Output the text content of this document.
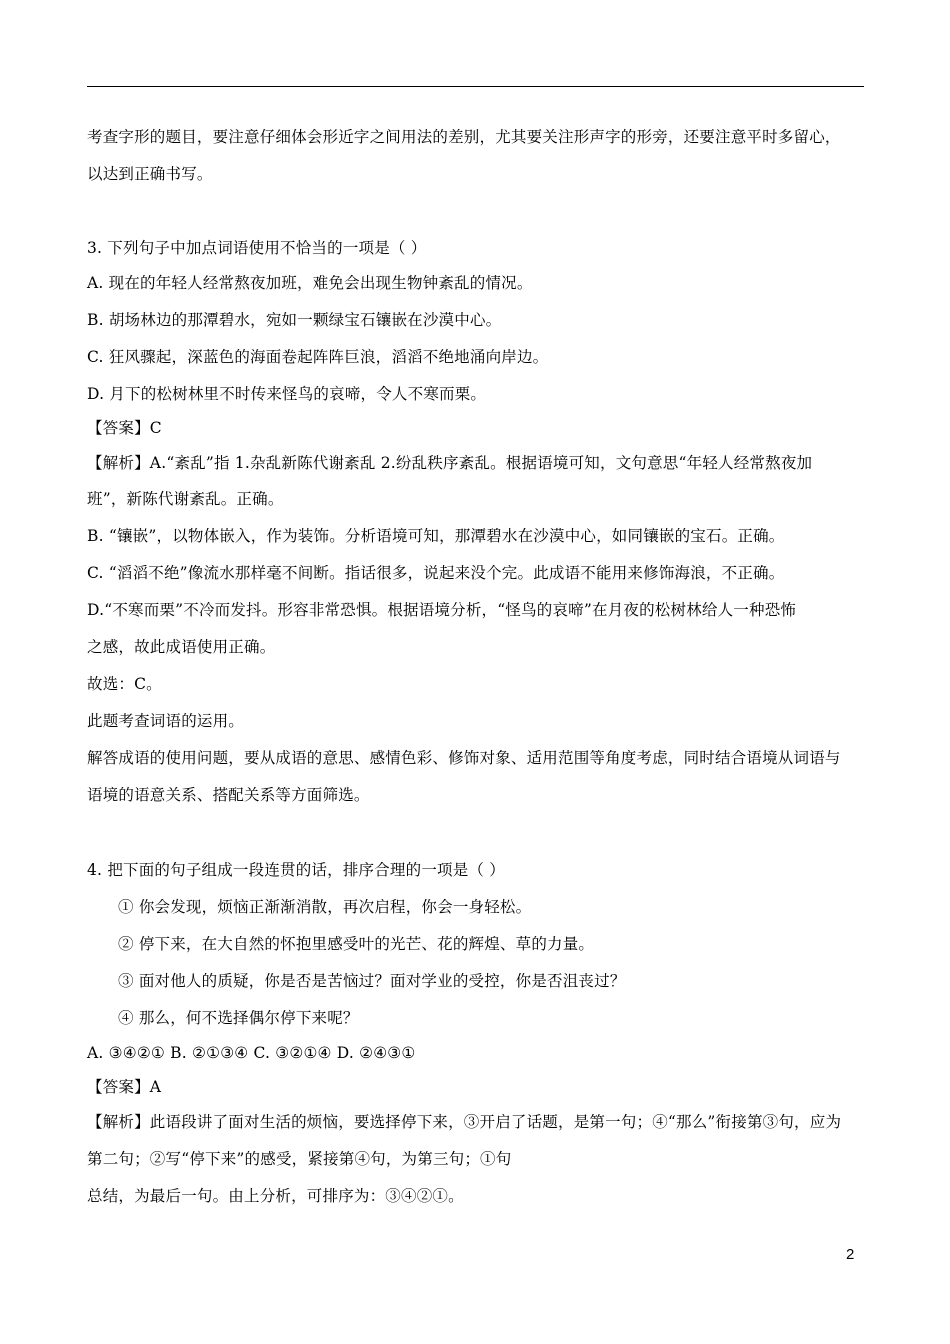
考查字形的题目，要注意仔细体会形近字之间用法的差别，尤其要关注形声字的形旁，还要注意平时多留心，
以达到正确书写。
3. 下列句子中加点词语使用不恰当的一项是（ ）
A. 现在的年轻人经常熬夜加班，难免会出现生物钟紊乱的情况。
B. 胡场林边的那潭碧水，宛如一颗绿宝石镶嵌在沙漠中心。
C. 狂风骤起，深蓝色的海面卷起阵阵巨浪，滔滔不绝地涌向岸边。
D. 月下的松树林里不时传来怪鸟的哀啼，令人不寒而栗。
【答案】C
【解析】A.“紊乱”指 1.杂乱新陈代谢紊乱 2.纷乱秩序紊乱。根据语境可知，文句意思“年轻人经常熬夜加
班”，新陈代谢紊乱。正确。
B. “镶嵌”，以物体嵌入，作为装饰。分析语境可知，那潭碧水在沙漠中心，如同镶嵌的宝石。正确。
C. “滔滔不绝”像流水那样毫不间断。指话很多，说起来没个完。此成语不能用来修饰海浪，不正确。
D.“不寒而栗”不冷而发抖。形容非常恐惧。根据语境分析，“怪鸟的哀啼”在月夜的松树林给人一种恐怖
之感，故此成语使用正确。
故选：C。
此题考查词语的运用。
解答成语的使用问题，要从成语的意思、感情色彩、修饰对象、适用范围等角度考虑，同时结合语境从词语与
语境的语意关系、搭配关系等方面筛选。
4. 把下面的句子组成一段连贯的话，排序合理的一项是（ ）
① 你会发现，烦恼正渐渐消散，再次启程，你会一身轻松。
② 停下来，在大自然的怀抱里感受叶的光芒、花的辉煌、草的力量。
③ 面对他人的质疑，你是否是苦恼过？面对学业的受控，你是否沮丧过？
④ 那么，何不选择偶尔停下来呢？
A. ③④②① B. ②①③④ C. ③②①④ D. ②④③①
【答案】A
【解析】此语段讲了面对生活的烦恼，要选择停下来，③开启了话题，是第一句；④“那么”衔接第③句，应为
第二句；②写“停下来”的感受，紧接第④句，为第三句；①句
总结，为最后一句。由上分析，可排序为：③④②①。
2
